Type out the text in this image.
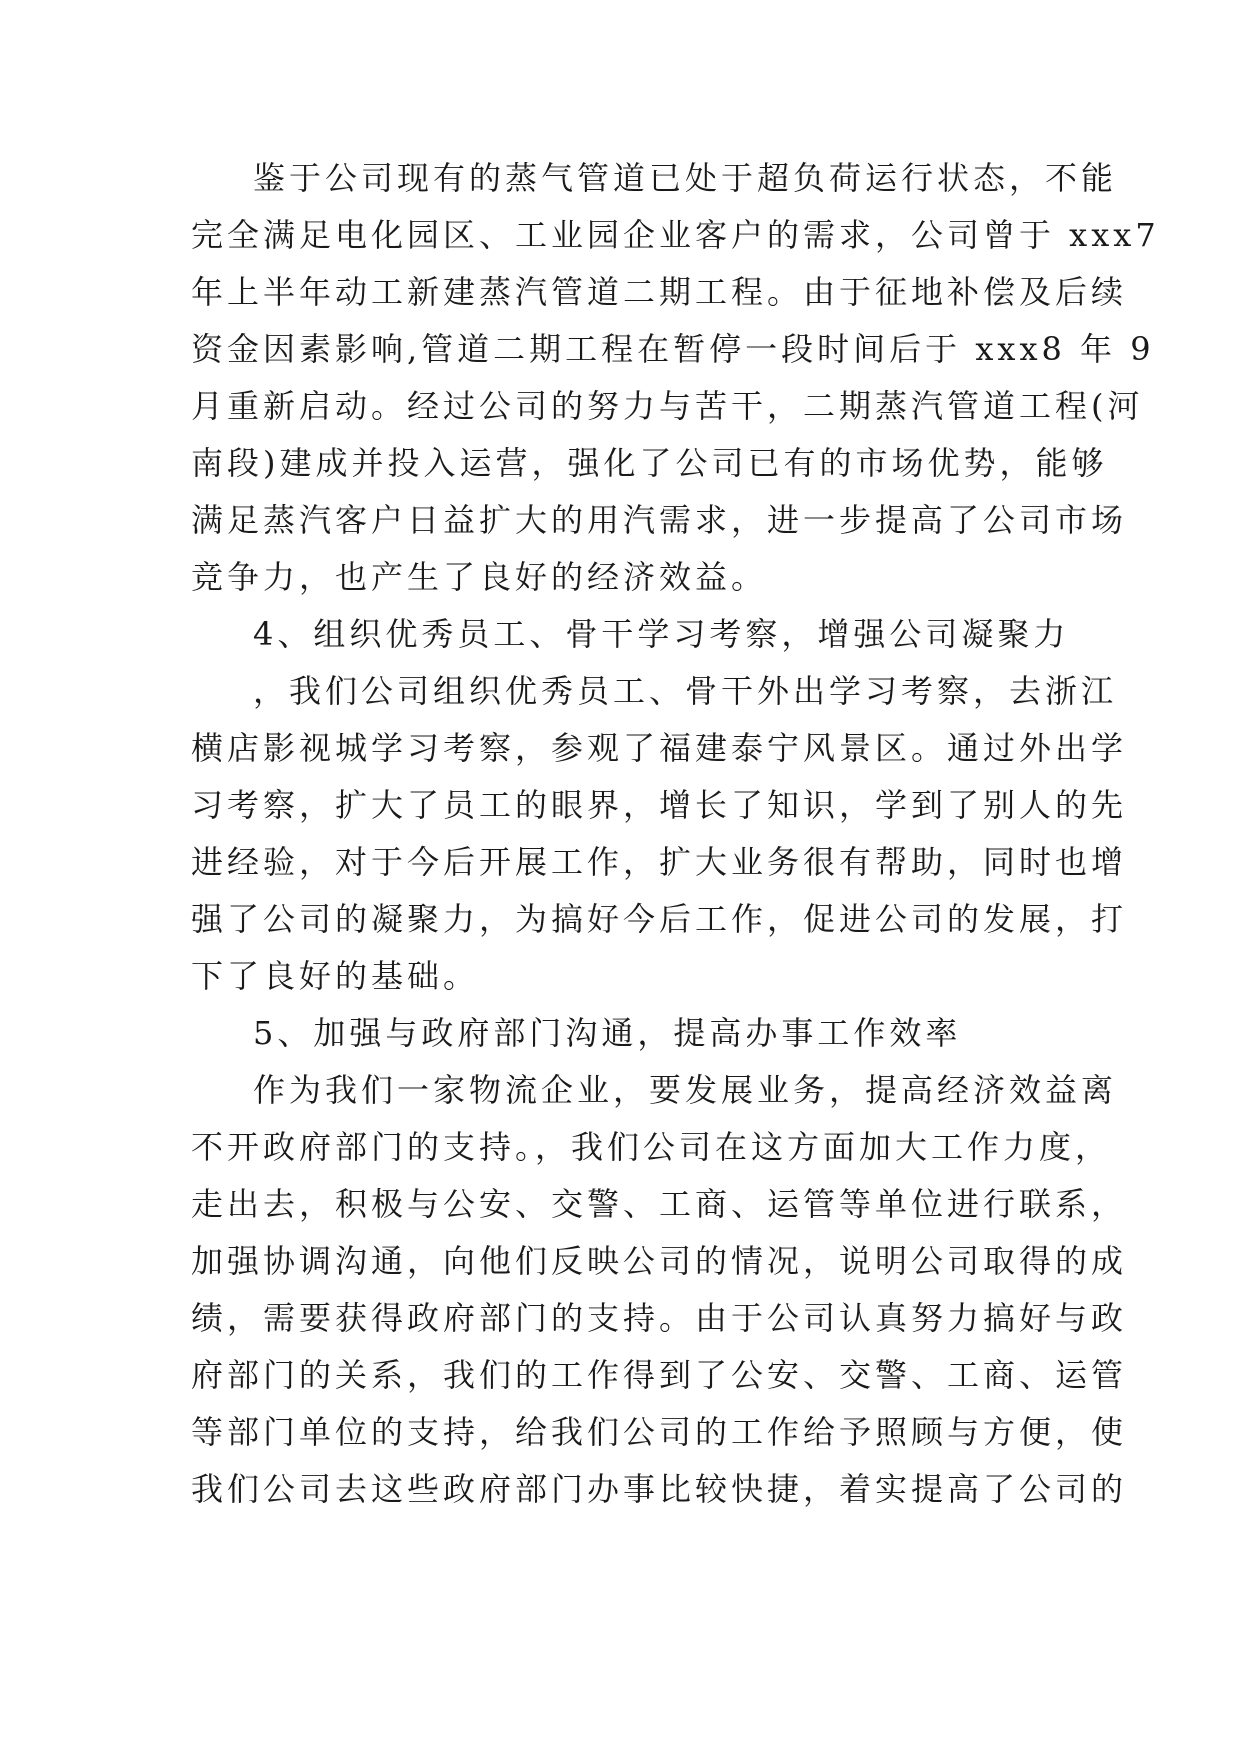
鉴于公司现有的蒸气管道已处于超负荷运行状态，不能
完全满足电化园区、工业园企业客户的需求，公司曾于 xxx7
年上半年动工新建蒸汽管道二期工程。由于征地补偿及后续
资金因素影响,管道二期工程在暂停一段时间后于 xxx8 年 9
月重新启动。经过公司的努力与苦干，二期蒸汽管道工程(河
南段)建成并投入运营，强化了公司已有的市场优势，能够
满足蒸汽客户日益扩大的用汽需求，进一步提高了公司市场
竞争力，也产生了良好的经济效益。
4、组织优秀员工、骨干学习考察，增强公司凝聚力
，我们公司组织优秀员工、骨干外出学习考察，去浙江
横店影视城学习考察，参观了福建泰宁风景区。通过外出学
习考察，扩大了员工的眼界，增长了知识，学到了别人的先
进经验，对于今后开展工作，扩大业务很有帮助，同时也增
强了公司的凝聚力，为搞好今后工作，促进公司的发展，打
下了良好的基础。
5、加强与政府部门沟通，提高办事工作效率
作为我们一家物流企业，要发展业务，提高经济效益离
不开政府部门的支持。，我们公司在这方面加大工作力度，
走出去，积极与公安、交警、工商、运管等单位进行联系，
加强协调沟通，向他们反映公司的情况，说明公司取得的成
绩，需要获得政府部门的支持。由于公司认真努力搞好与政
府部门的关系，我们的工作得到了公安、交警、工商、运管
等部门单位的支持，给我们公司的工作给予照顾与方便，使
我们公司去这些政府部门办事比较快捷，着实提高了公司的
